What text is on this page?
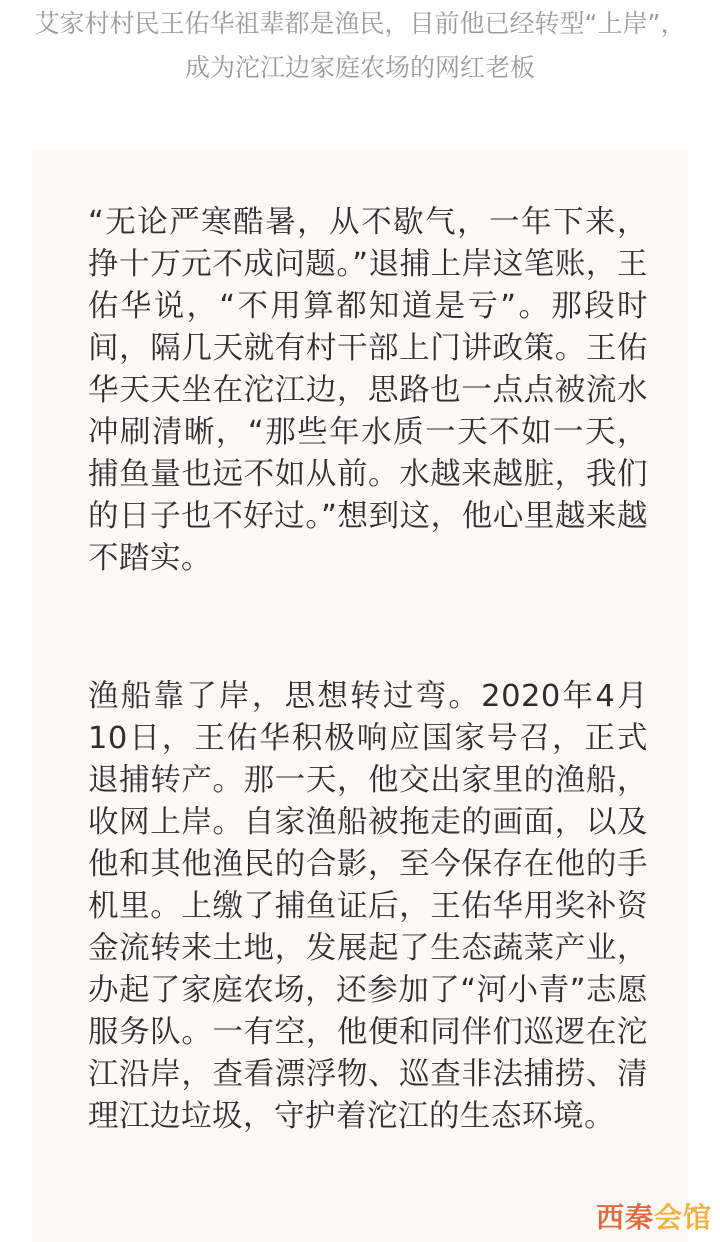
艾家村村民王佑华祖辈都是渔民，目前他已经转型“上岸”，成为沱江边家庭农场的网红老板

“无论严寒酷暑，从不歇气，一年下来，挣十万元不成问题。”退捕上岸这笔账，王佑华说，“不用算都知道是亏”。那段时间，隔几天就有村干部上门讲政策。王佑华天天坐在沱江边，思路也一点点被流水冲刷清晰，“那些年水质一天不如一天，捕鱼量也远不如从前。水越来越脏，我们的日子也不好过。”想到这，他心里越来越不踏实。

渔船靠了岸，思想转过弯。2020年4月10日，王佑华积极响应国家号召，正式退捕转产。那一天，他交出家里的渔船，收网上岸。自家渔船被拖走的画面，以及他和其他渔民的合影，至今保存在他的手机里。上缴了捕鱼证后，王佑华用奖补资金流转来土地，发展起了生态蔬菜产业，办起了家庭农场，还参加了“河小青”志愿服务队。一有空，他便和同伴们巡逻在沱江沿岸，查看漂浮物、巡查非法捕捞、清理江边垃圾，守护着沱江的生态环境。

西秦会馆
